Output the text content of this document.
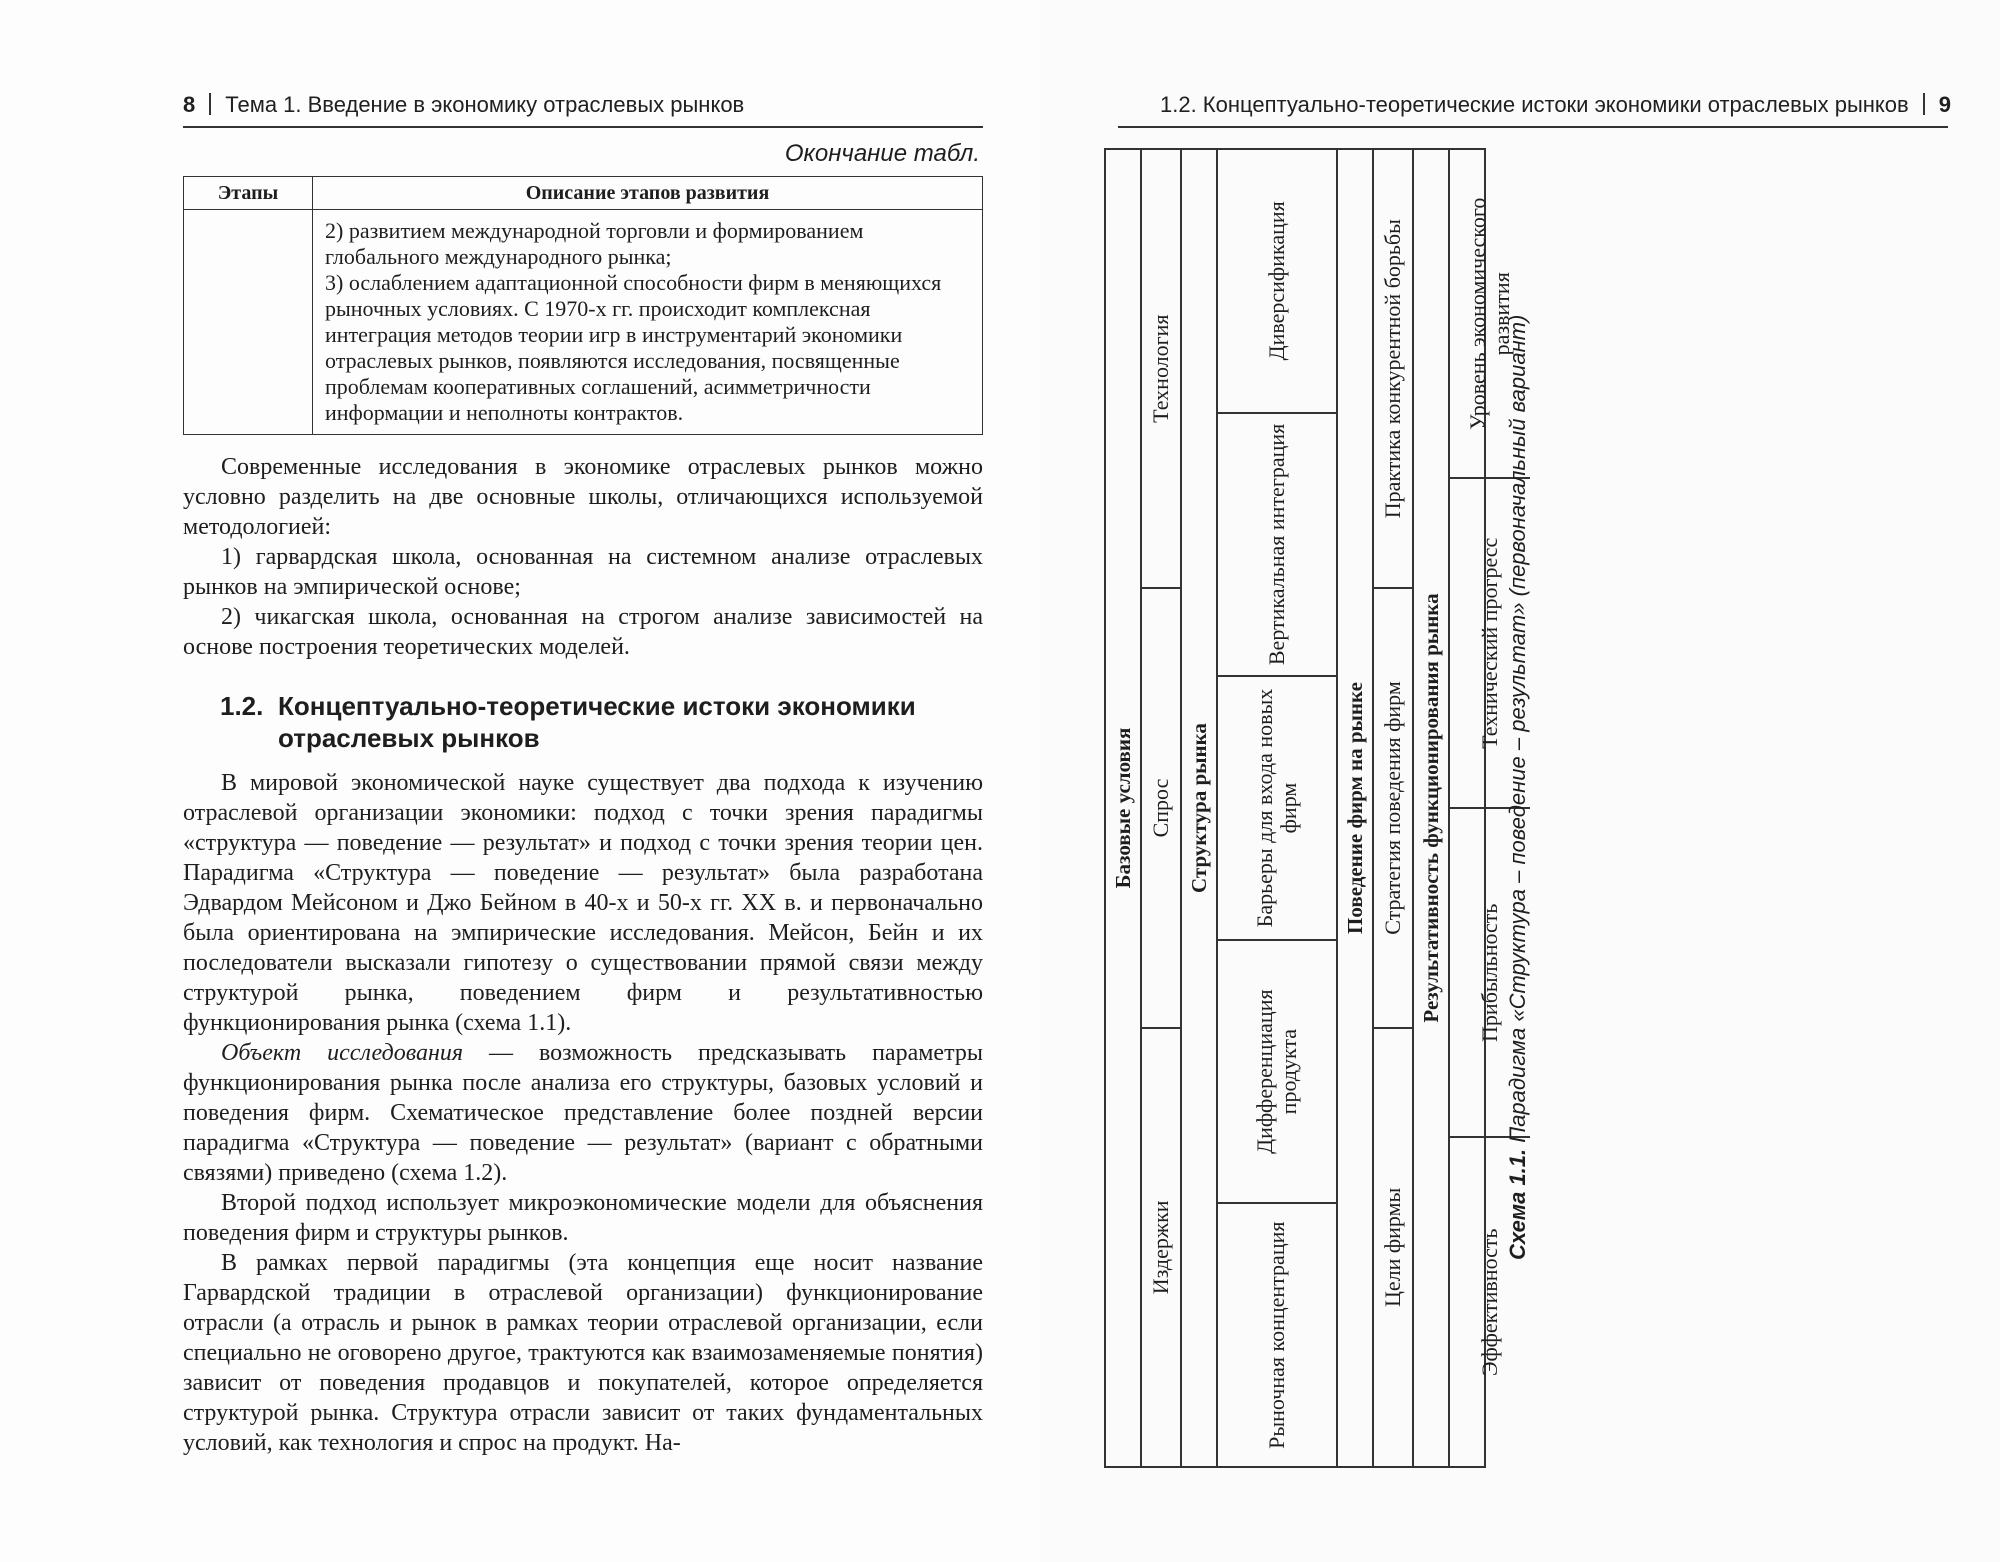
8 Тема 1. Введение в экономику отраслевых рынков
Окончание табл.
Этапы	Описание этапов развития

	2) развитием международной торговли и формированием глобального международного рынка;
3) ослаблением адаптационной способности фирм в меняющихся рыночных условиях. С 1970-х гг. происходит комплексная интеграция методов теории игр в инструментарий экономики отраслевых рынков, появляются исследования, посвященные проблемам кооперативных соглашений, асимметричности информации и неполноты контрактов.

Современные исследования в экономике отраслевых рынков можно условно разделить на две основные школы, отличающихся используемой методологией:

1) гарвардская школа, основанная на системном анализе отраслевых рынков на эмпирической основе;

2) чикагская школа, основанная на строгом анализе зависимостей на основе построения теоретических моделей.

1.2. Концептуально-теоретические истоки экономики
отраслевых рынков

В мировой экономической науке существует два подхода к изучению отраслевой организации экономики: подход с точки зрения парадигмы «структура — поведение — результат» и подход с точки зрения теории цен. Парадигма «Структура — поведение — результат» была разработана Эдвардом Мейсоном и Джо Бейном в 40-х и 50-х гг. XX в. и первоначально была ориентирована на эмпирические исследования. Мейсон, Бейн и их последователи высказали гипотезу о существовании прямой связи между структурой рынка, поведением фирм и результативностью функционирования рынка (схема 1.1).

Объект исследования — возможность предсказывать параметры функционирования рынка после анализа его структуры, базовых условий и поведения фирм. Схематическое представление более поздней версии парадигма «Структура — поведение — результат» (вариант с обратными связями) приведено (схема 1.2).

Второй подход использует микроэкономические модели для объяснения поведения фирм и структуры рынков.

В рамках первой парадигмы (эта концепция еще носит название Гарвардской традиции в отраслевой организации) функционирование отрасли (а отрасль и рынок в рамках теории отраслевой организации, если специально не оговорено другое, трактуются как взаимозаменяемые понятия) зависит от поведения продавцов и покупателей, которое определяется структурой рынка. Структура отрасли зависит от таких фундаментальных условий, как технология и спрос на продукт. На-

1.2. Концептуально-теоретические истоки экономики отраслевых рынков 9
Базовые условия
Издержки
Спрос
Технология
Структура рынка
Рыночная концентрация
Дифференциация продукта
Барьеры для входа новых фирм
Вертикальная интеграция
Диверсификация
Поведение фирм на рынке
Цели фирмы
Стратегия поведения фирм
Практика конкурентной борьбы
Результативность функционирования рынка
Эффективность
Прибыльность
Технический прогресс
Уровень экономического развития
Схема 1.1. Парадигма «Структура – поведение – результат» (первоначальный вариант)
